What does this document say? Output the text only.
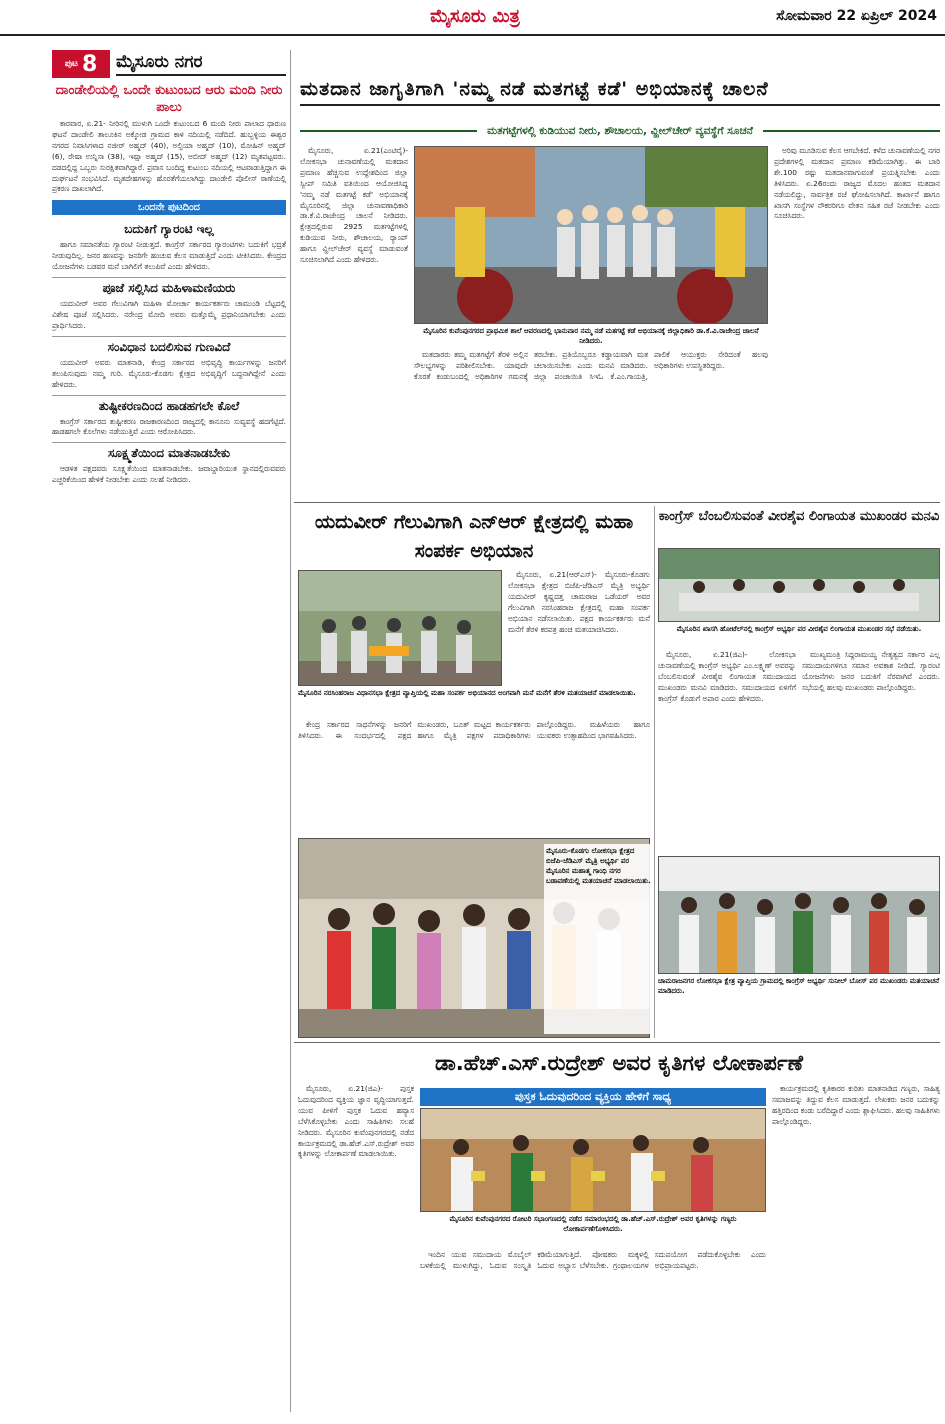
ಮೈಸೂರು ಮಿತ್ರ	ಸೋಮವಾರ 22 ಏಪ್ರಿಲ್ 2024
ಪುಟ 8 ಮೈಸೂರು ನಗರ
ದಾಂಡೇಲಿಯಲ್ಲಿ ಒಂದೇ ಕುಟುಂಬದ ಆರು ಮಂದಿ ನೀರು ಪಾಲು

ಕಾರವಾರ, ಏ.21- ನೀರಿನಲ್ಲಿ ಮುಳುಗಿ ಒಂದೇ ಕುಟುಂಬದ 6 ಮಂದಿ ನೀರು ಪಾಲಾದ ಧಾರುಣ ಘಟನೆ ದಾಂಡೇಲಿ ತಾಲೂಕಿನ ಅಕ್ಕೋಡ ಗ್ರಾಮದ ಕಾಳಿ ನದಿಯಲ್ಲಿ ನಡೆದಿದೆ. ಹುಬ್ಬಳ್ಳಿಯ ಈಶ್ವರ ನಗರದ ನಿವಾಸಿಗಳಾದ ನಜೀರ್ ಅಹ್ಮದ್ (40), ಅಲ್ಫಿಯಾ ಅಹ್ಮದ್ (10), ಮೋಹಿನ್ ಅಹ್ಮದ್ (6), ರೇಷಾ ಉನ್ನಿಸಾ (38), ಇಷ್ಷಾ ಅಹ್ಮದ್ (15), ಅಬೀದ್ ಅಹ್ಮದ್ (12) ಮೃತಪಟ್ಟವರು. ದಡದಲ್ಲಿದ್ದ ಒಬ್ಬರು ಸುರಕ್ಷಿತವಾಗಿದ್ದಾರೆ. ಪ್ರವಾಸ ಬಂದಿದ್ದ ಕುಟುಂಬ ನದಿಯಲ್ಲಿ ಆಟವಾಡುತ್ತಿದ್ದಾಗ ಈ ದುರ್ಘಟನೆ ಸಂಭವಿಸಿದೆ. ಮೃತದೇಹಗಳನ್ನು ಹೊರತೆಗೆಯಲಾಗಿದ್ದು ದಾಂಡೇಲಿ ಪೊಲೀಸ್ ಠಾಣೆಯಲ್ಲಿ ಪ್ರಕರಣ ದಾಖಲಾಗಿದೆ.

ಒಂದನೇ ಪುಟದಿಂದ
ಬದುಕಿಗೆ ಗ್ಯಾರಂಟಿ ಇಲ್ಲ

ಹಾಗೂ ಸಮಾನತೆಯ ಗ್ಯಾರಂಟಿ ನೀಡುತ್ತದೆ. ಕಾಂಗ್ರೆಸ್ ಸರ್ಕಾರದ ಗ್ಯಾರಂಟಿಗಳು ಬದುಕಿಗೆ ಭದ್ರತೆ ನೀಡುವುದಿಲ್ಲ. ಜನರ ಹಣವನ್ನು ಜನರಿಗೇ ಹಂಚುವ ಕೆಲಸ ಮಾಡುತ್ತಿದೆ ಎಂದು ಟೀಕಿಸಿದರು. ಕೇಂದ್ರದ ಯೋಜನೆಗಳು ಬಡವರ ಮನೆ ಬಾಗಿಲಿಗೆ ತಲುಪಿವೆ ಎಂದು ಹೇಳಿದರು.

ಪೂಜೆ ಸಲ್ಲಿಸಿದ ಮಹಿಳಾಮಣಿಯರು

ಯದುವೀರ್ ಅವರ ಗೆಲುವಿಗಾಗಿ ಮಹಿಳಾ ಮೋರ್ಚಾ ಕಾರ್ಯಕರ್ತರು ಚಾಮುಂಡಿ ಬೆಟ್ಟದಲ್ಲಿ ವಿಶೇಷ ಪೂಜೆ ಸಲ್ಲಿಸಿದರು. ನರೇಂದ್ರ ಮೋದಿ ಅವರು ಮತ್ತೊಮ್ಮೆ ಪ್ರಧಾನಿಯಾಗಬೇಕು ಎಂದು ಪ್ರಾರ್ಥಿಸಿದರು.

ಸಂವಿಧಾನ ಬದಲಿಸುವ ಗುಣವಿದೆ

ಯದುವೀರ್ ಅವರು ಮಾತನಾಡಿ, ಕೇಂದ್ರ ಸರ್ಕಾರದ ಅಭಿವೃದ್ಧಿ ಕಾರ್ಯಗಳನ್ನು ಜನರಿಗೆ ತಲುಪಿಸುವುದು ನಮ್ಮ ಗುರಿ. ಮೈಸೂರು-ಕೊಡಗು ಕ್ಷೇತ್ರದ ಅಭಿವೃದ್ಧಿಗೆ ಬದ್ಧನಾಗಿದ್ದೇನೆ ಎಂದು ಹೇಳಿದರು.

ತುಷ್ಟೀಕರಣದಿಂದ ಹಾಡಹಗಲೇ ಕೊಲೆ

ಕಾಂಗ್ರೆಸ್ ಸರ್ಕಾರದ ತುಷ್ಟೀಕರಣ ರಾಜಕಾರಣದಿಂದ ರಾಜ್ಯದಲ್ಲಿ ಕಾನೂನು ಸುವ್ಯವಸ್ಥೆ ಹದಗೆಟ್ಟಿದೆ. ಹಾಡಹಗಲೇ ಕೊಲೆಗಳು ನಡೆಯುತ್ತಿವೆ ಎಂದು ಆರೋಪಿಸಿದರು.

ಸೂಕ್ಷ್ಮತೆಯಿಂದ ಮಾತನಾಡಬೇಕು

ಆಡಳಿತ ಪಕ್ಷದವರು ಸೂಕ್ಷ್ಮತೆಯಿಂದ ಮಾತನಾಡಬೇಕು. ಜವಾಬ್ದಾರಿಯುತ ಸ್ಥಾನದಲ್ಲಿರುವವರು ಎಚ್ಚರಿಕೆಯಿಂದ ಹೇಳಿಕೆ ನೀಡಬೇಕು ಎಂದು ಸಲಹೆ ನೀಡಿದರು.

ಮತದಾನ ಜಾಗೃತಿಗಾಗಿ 'ನಮ್ಮ ನಡೆ ಮತಗಟ್ಟೆ ಕಡೆ' ಅಭಿಯಾನಕ್ಕೆ ಚಾಲನೆ
ಮತಗಟ್ಟೆಗಳಲ್ಲಿ ಕುಡಿಯುವ ನೀರು, ಶೌಚಾಲಯ, ವ್ಹೀಲ್‌ಚೇರ್ ವ್ಯವಸ್ಥೆಗೆ ಸೂಚನೆ

ಮೈಸೂರು, ಏ.21(ಎಂಟಿವೈ)- ಲೋಕಸಭಾ ಚುನಾವಣೆಯಲ್ಲಿ ಮತದಾನ ಪ್ರಮಾಣ ಹೆಚ್ಚಿಸುವ ಉದ್ದೇಶದಿಂದ ಜಿಲ್ಲಾ ಸ್ವೀಪ್ ಸಮಿತಿ ವತಿಯಿಂದ ಆಯೋಜಿಸಿದ್ದ 'ನಮ್ಮ ನಡೆ ಮತಗಟ್ಟೆ ಕಡೆ' ಅಭಿಯಾನಕ್ಕೆ ಮೈಸೂರಿನಲ್ಲಿ ಜಿಲ್ಲಾ ಚುನಾವಣಾಧಿಕಾರಿ ಡಾ.ಕೆ.ವಿ.ರಾಜೇಂದ್ರ ಚಾಲನೆ ನೀಡಿದರು. ಕ್ಷೇತ್ರದಲ್ಲಿರುವ 2925 ಮತಗಟ್ಟೆಗಳಲ್ಲಿ ಕುಡಿಯುವ ನೀರು, ಶೌಚಾಲಯ, ರ‍್ಯಾಂಪ್ ಹಾಗೂ ವ್ಹೀಲ್‌ಚೇರ್ ವ್ಯವಸ್ಥೆ ಮಾಡುವಂತೆ ಸೂಚಿಸಲಾಗಿದೆ ಎಂದು ಹೇಳಿದರು.

ಮೈಸೂರಿನ ಕುವೆಂಪುನಗರದ ಪ್ರಾಥಮಿಕ ಶಾಲೆ ಆವರಣದಲ್ಲಿ ಭಾನುವಾರ ನಮ್ಮ ನಡೆ ಮತಗಟ್ಟೆ ಕಡೆ ಅಭಿಯಾನಕ್ಕೆ ಜಿಲ್ಲಾಧಿಕಾರಿ ಡಾ.ಕೆ.ವಿ.ರಾಜೇಂದ್ರ ಚಾಲನೆ ನೀಡಿದರು.

ಮತದಾರರು ತಮ್ಮ ಮತಗಟ್ಟೆಗೆ ತೆರಳಿ ಅಲ್ಲಿನ ಸೌಲಭ್ಯಗಳನ್ನು ಪರಿಶೀಲಿಸಬೇಕು. ಯಾವುದೇ ಕೊರತೆ ಕಂಡುಬಂದಲ್ಲಿ ಅಧಿಕಾರಿಗಳ ಗಮನಕ್ಕೆ ತರಬೇಕು. ಪ್ರತಿಯೊಬ್ಬರೂ ಕಡ್ಡಾಯವಾಗಿ ಮತ ಚಲಾಯಿಸಬೇಕು ಎಂದು ಮನವಿ ಮಾಡಿದರು. ಜಿಲ್ಲಾ ಪಂಚಾಯಿತಿ ಸಿಇಓ ಕೆ.ಎಂ.ಗಾಯತ್ರಿ, ಪಾಲಿಕೆ ಆಯುಕ್ತರು ಸೇರಿದಂತೆ ಹಲವು ಅಧಿಕಾರಿಗಳು ಉಪಸ್ಥಿತರಿದ್ದರು.

ಅರಿವು ಮೂಡಿಸುವ ಕೆಲಸ ಆಗಬೇಕಿದೆ. ಕಳೆದ ಚುನಾವಣೆಯಲ್ಲಿ ನಗರ ಪ್ರದೇಶಗಳಲ್ಲಿ ಮತದಾನ ಪ್ರಮಾಣ ಕಡಿಮೆಯಾಗಿತ್ತು. ಈ ಬಾರಿ ಶೇ.100 ರಷ್ಟು ಮತದಾನವಾಗುವಂತೆ ಪ್ರಯತ್ನಿಸಬೇಕು ಎಂದು ತಿಳಿಸಿದರು. ಏ.26ರಂದು ರಾಜ್ಯದ ಮೊದಲ ಹಂತದ ಮತದಾನ ನಡೆಯಲಿದ್ದು, ಸಾರ್ವತ್ರಿಕ ರಜೆ ಘೋಷಿಸಲಾಗಿದೆ. ಕಾರ್ಖಾನೆ ಹಾಗೂ ಖಾಸಗಿ ಸಂಸ್ಥೆಗಳ ನೌಕರರಿಗೂ ವೇತನ ಸಹಿತ ರಜೆ ನೀಡಬೇಕು ಎಂದು ಸೂಚಿಸಿದರು.

ಯದುವೀರ್ ಗೆಲುವಿಗಾಗಿ ಎನ್‌ಆರ್ ಕ್ಷೇತ್ರದಲ್ಲಿ ಮಹಾ ಸಂಪರ್ಕ ಅಭಿಯಾನ

ಮೈಸೂರು, ಏ.21(ಆರ್‌ಎಸ್)- ಮೈಸೂರು-ಕೊಡಗು ಲೋಕಸಭಾ ಕ್ಷೇತ್ರದ ಬಿಜೆಪಿ-ಜೆಡಿಎಸ್ ಮೈತ್ರಿ ಅಭ್ಯರ್ಥಿ ಯದುವೀರ್ ಕೃಷ್ಣದತ್ತ ಚಾಮರಾಜ ಒಡೆಯರ್ ಅವರ ಗೆಲುವಿಗಾಗಿ ನರಸಿಂಹರಾಜ ಕ್ಷೇತ್ರದಲ್ಲಿ ಮಹಾ ಸಂಪರ್ಕ ಅಭಿಯಾನ ನಡೆಸಲಾಯಿತು. ಪಕ್ಷದ ಕಾರ್ಯಕರ್ತರು ಮನೆ ಮನೆಗೆ ತೆರಳಿ ಕರಪತ್ರ ಹಂಚಿ ಮತಯಾಚಿಸಿದರು.

ಮೈಸೂರಿನ ನರಸಿಂಹರಾಜ ವಿಧಾನಸಭಾ ಕ್ಷೇತ್ರದ ವ್ಯಾಪ್ತಿಯಲ್ಲಿ ಮಹಾ ಸಂಪರ್ಕ ಅಭಿಯಾನದ ಅಂಗವಾಗಿ ಮನೆ ಮನೆಗೆ ತೆರಳಿ ಮತಯಾಚನೆ ಮಾಡಲಾಯಿತು.

ಕೇಂದ್ರ ಸರ್ಕಾರದ ಸಾಧನೆಗಳನ್ನು ಜನರಿಗೆ ತಿಳಿಸಿದರು. ಈ ಸಂದರ್ಭದಲ್ಲಿ ಪಕ್ಷದ ಮುಖಂಡರು, ಬೂತ್ ಮಟ್ಟದ ಕಾರ್ಯಕರ್ತರು ಹಾಗೂ ಮೈತ್ರಿ ಪಕ್ಷಗಳ ಪದಾಧಿಕಾರಿಗಳು ಪಾಲ್ಗೊಂಡಿದ್ದರು. ಮಹಿಳೆಯರು ಹಾಗೂ ಯುವಕರು ಉತ್ಸಾಹದಿಂದ ಭಾಗವಹಿಸಿದರು.

ಮೈಸೂರು-ಕೊಡಗು ಲೋಕಸಭಾ ಕ್ಷೇತ್ರದ ಬಿಜೆಪಿ-ಜೆಡಿಎಸ್ ಮೈತ್ರಿ ಅಭ್ಯರ್ಥಿ ಪರ ಮೈಸೂರಿನ ಮಹಾತ್ಮ ಗಾಂಧಿ ನಗರ ಬಡಾವಣೆಯಲ್ಲಿ ಮತಯಾಚನೆ ಮಾಡಲಾಯಿತು.
ಕಾಂಗ್ರೆಸ್ ಬೆಂಬಲಿಸುವಂತೆ ವೀರಶೈವ ಲಿಂಗಾಯತ ಮುಖಂಡರ ಮನವಿ
ಮೈಸೂರಿನ ಖಾಸಗಿ ಹೋಟೆಲ್‌ನಲ್ಲಿ ಕಾಂಗ್ರೆಸ್ ಅಭ್ಯರ್ಥಿ ಪರ ವೀರಶೈವ ಲಿಂಗಾಯತ ಮುಖಂಡರ ಸಭೆ ನಡೆಯಿತು.

ಮೈಸೂರು, ಏ.21(ಜಿಎ)- ಲೋಕಸಭಾ ಚುನಾವಣೆಯಲ್ಲಿ ಕಾಂಗ್ರೆಸ್ ಅಭ್ಯರ್ಥಿ ಎಂ.ಲಕ್ಷ್ಮಣ್ ಅವರನ್ನು ಬೆಂಬಲಿಸುವಂತೆ ವೀರಶೈವ ಲಿಂಗಾಯತ ಸಮುದಾಯದ ಮುಖಂಡರು ಮನವಿ ಮಾಡಿದರು. ಸಮುದಾಯದ ಏಳಿಗೆಗೆ ಕಾಂಗ್ರೆಸ್ ಕೊಡುಗೆ ಅಪಾರ ಎಂದು ಹೇಳಿದರು.

ಮುಖ್ಯಮಂತ್ರಿ ಸಿದ್ದರಾಮಯ್ಯ ನೇತೃತ್ವದ ಸರ್ಕಾರ ಎಲ್ಲ ಸಮುದಾಯಗಳಿಗೂ ಸಮಾನ ಅವಕಾಶ ನೀಡಿದೆ. ಗ್ಯಾರಂಟಿ ಯೋಜನೆಗಳು ಜನರ ಬದುಕಿಗೆ ನೆರವಾಗಿವೆ ಎಂದರು. ಸಭೆಯಲ್ಲಿ ಹಲವು ಮುಖಂಡರು ಪಾಲ್ಗೊಂಡಿದ್ದರು.

ಚಾಮರಾಜನಗರ ಲೋಕಸಭಾ ಕ್ಷೇತ್ರ ವ್ಯಾಪ್ತಿಯ ಗ್ರಾಮದಲ್ಲಿ ಕಾಂಗ್ರೆಸ್ ಅಭ್ಯರ್ಥಿ ಸುನೀಲ್ ಬೋಸ್ ಪರ ಮುಖಂಡರು ಮತಯಾಚನೆ ಮಾಡಿದರು.
ಡಾ.ಹೆಚ್.ಎಸ್.ರುದ್ರೇಶ್ ಅವರ ಕೃತಿಗಳ ಲೋಕಾರ್ಪಣೆ

ಮೈಸೂರು, ಏ.21(ಜಿಎ)- ಪುಸ್ತಕ ಓದುವುದರಿಂದ ವ್ಯಕ್ತಿಯ ಜ್ಞಾನ ವೃದ್ಧಿಯಾಗುತ್ತದೆ. ಯುವ ಪೀಳಿಗೆ ಪುಸ್ತಕ ಓದುವ ಹವ್ಯಾಸ ಬೆಳೆಸಿಕೊಳ್ಳಬೇಕು ಎಂದು ಸಾಹಿತಿಗಳು ಸಲಹೆ ನೀಡಿದರು. ಮೈಸೂರಿನ ಕುವೆಂಪುನಗರದಲ್ಲಿ ನಡೆದ ಕಾರ್ಯಕ್ರಮದಲ್ಲಿ ಡಾ.ಹೆಚ್.ಎಸ್.ರುದ್ರೇಶ್ ಅವರ ಕೃತಿಗಳನ್ನು ಲೋಕಾರ್ಪಣೆ ಮಾಡಲಾಯಿತು.

ಪುಸ್ತಕ ಓದುವುದರಿಂದ ವ್ಯಕ್ತಿಯ ಹೇಳಿಗೆ ಸಾಧ್ಯ
ಮೈಸೂರಿನ ಕುವೆಂಪುನಗರದ ರೋಟರಿ ಸಭಾಂಗಣದಲ್ಲಿ ನಡೆದ ಸಮಾರಂಭದಲ್ಲಿ ಡಾ.ಹೆಚ್.ಎಸ್.ರುದ್ರೇಶ್ ಅವರ ಕೃತಿಗಳನ್ನು ಗಣ್ಯರು ಲೋಕಾರ್ಪಣೆಗೊಳಿಸಿದರು.

ಇಂದಿನ ಯುವ ಸಮುದಾಯ ಮೊಬೈಲ್ ಬಳಕೆಯಲ್ಲಿ ಮುಳುಗಿದ್ದು, ಓದುವ ಸಂಸ್ಕೃತಿ ಕಡಿಮೆಯಾಗುತ್ತಿದೆ. ಪೋಷಕರು ಮಕ್ಕಳಲ್ಲಿ ಓದುವ ಅಭ್ಯಾಸ ಬೆಳೆಸಬೇಕು. ಗ್ರಂಥಾಲಯಗಳ ಸದುಪಯೋಗ ಪಡೆದುಕೊಳ್ಳಬೇಕು ಎಂದು ಅಭಿಪ್ರಾಯಪಟ್ಟರು.

ಕಾರ್ಯಕ್ರಮದಲ್ಲಿ ಕೃತಿಕಾರರ ಕುರಿತು ಮಾತನಾಡಿದ ಗಣ್ಯರು, ಸಾಹಿತ್ಯ ಸಮಾಜವನ್ನು ತಿದ್ದುವ ಕೆಲಸ ಮಾಡುತ್ತದೆ. ಲೇಖಕರು ಜನರ ಬದುಕನ್ನು ಹತ್ತಿರದಿಂದ ಕಂಡು ಬರೆದಿದ್ದಾರೆ ಎಂದು ಶ್ಲಾಘಿಸಿದರು. ಹಲವು ಸಾಹಿತಿಗಳು ಪಾಲ್ಗೊಂಡಿದ್ದರು.
